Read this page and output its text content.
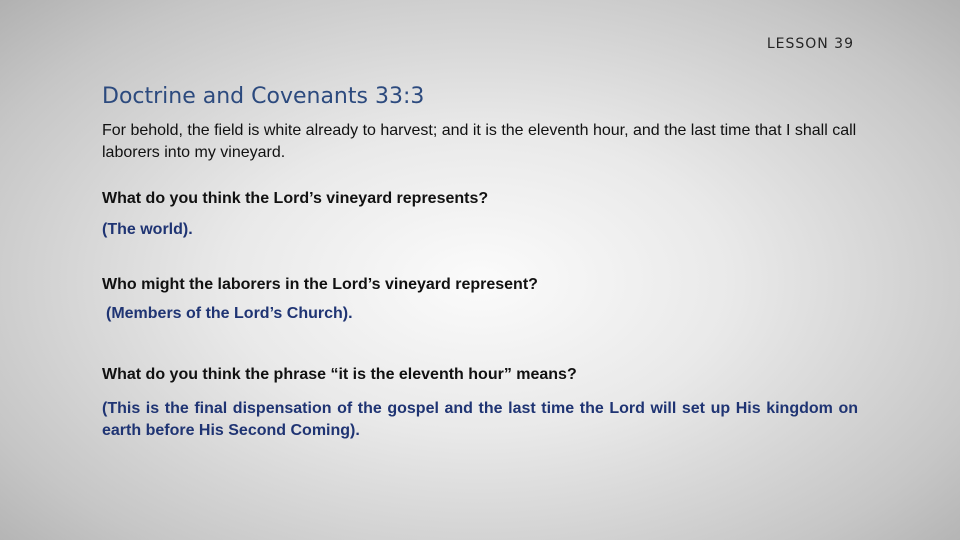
LESSON 39
Doctrine and Covenants 33:3
For behold, the field is white already to harvest; and it is the eleventh hour, and the last time that I shall call laborers into my vineyard.
What do you think the Lord’s vineyard represents?
(The world).
Who might the laborers in the Lord’s vineyard represent?
(Members of the Lord’s Church).
What do you think the phrase “it is the eleventh hour” means?
(This is the final dispensation of the gospel and the last time the Lord will set up His kingdom on earth before His Second Coming).
